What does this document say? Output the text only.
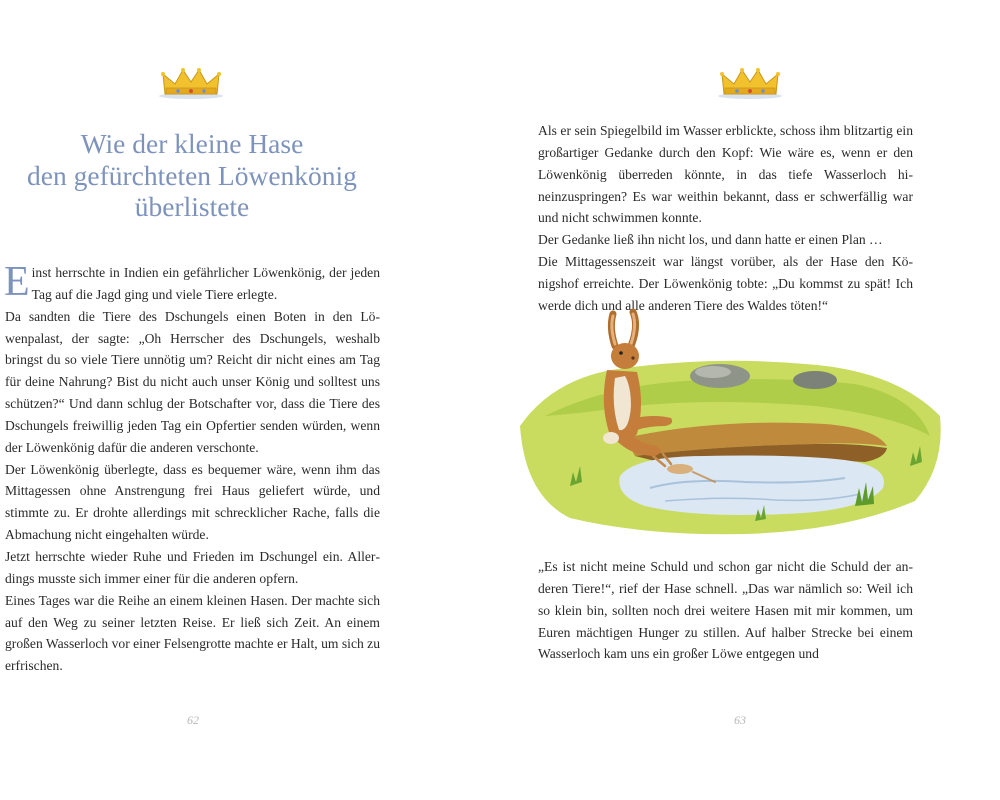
Wie der kleine Hase
den gefürchteten Löwenkönig
überlistete

Einst herrschte in Indien ein gefährlicher Löwenkönig, der jeden Tag auf die Jagd ging und viele Tiere erlegte.

Da sandten die Tiere des Dschungels einen Boten in den Löwenpalast, der sagte: „Oh Herrscher des Dschungels, weshalb bringst du so viele Tiere unnötig um? Reicht dir nicht eines am Tag für deine Nahrung? Bist du nicht auch unser König und solltest uns schützen?“ Und dann schlug der Botschafter vor, dass die Tiere des Dschungels freiwillig jeden Tag ein Opfertier senden würden, wenn der Löwenkönig dafür die anderen verschonte.

Der Löwenkönig überlegte, dass es bequemer wäre, wenn ihm das Mittagessen ohne Anstrengung frei Haus geliefert würde, und stimmte zu. Er drohte allerdings mit schrecklicher Rache, falls die Abmachung nicht eingehalten würde.

Jetzt herrschte wieder Ruhe und Frieden im Dschungel ein. Allerdings musste sich immer einer für die anderen opfern.

Eines Tages war die Reihe an einem kleinen Hasen. Der machte sich auf den Weg zu seiner letzten Reise. Er ließ sich Zeit. An einem großen Wasserloch vor einer Felsengrotte machte er Halt, um sich zu erfrischen.

62

Als er sein Spiegelbild im Wasser erblickte, schoss ihm blitzartig ein großartiger Gedanke durch den Kopf: Wie wäre es, wenn er den Löwenkönig überreden könnte, in das tiefe Wasserloch hineinzuspringen? Es war weithin bekannt, dass er schwerfällig war und nicht schwimmen konnte.

Der Gedanke ließ ihn nicht los, und dann hatte er einen Plan …

Die Mittagessenszeit war längst vorüber, als der Hase den Königshof erreichte. Der Löwenkönig tobte: „Du kommst zu spät! Ich werde dich und alle anderen Tiere des Waldes töten!“

„Es ist nicht meine Schuld und schon gar nicht die Schuld der anderen Tiere!“, rief der Hase schnell. „Das war nämlich so: Weil ich so klein bin, sollten noch drei weitere Hasen mit mir kommen, um Euren mächtigen Hunger zu stillen. Auf halber Strecke bei einem Wasserloch kam uns ein großer Löwe entgegen und

63
